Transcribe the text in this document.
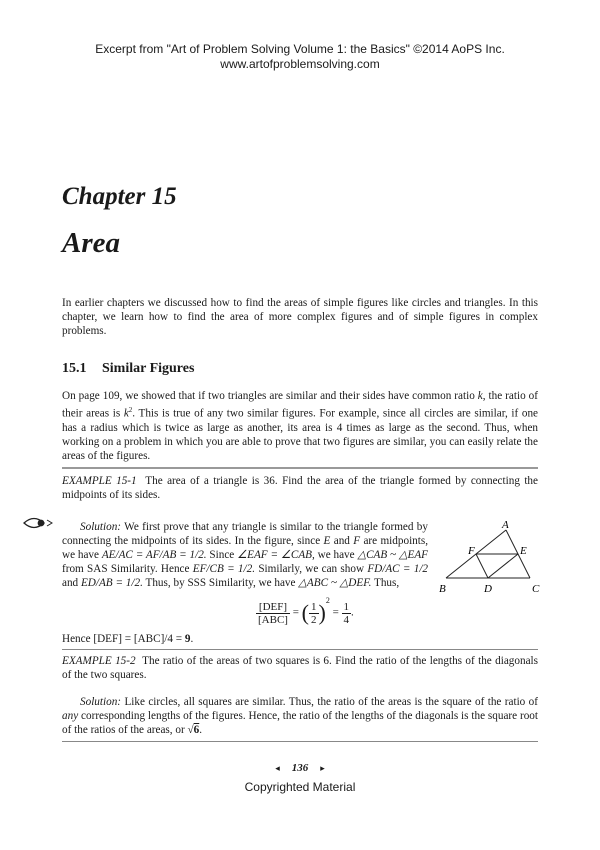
Excerpt from "Art of Problem Solving Volume 1: the Basics" ©2014 AoPS Inc.
www.artofproblemsolving.com
Chapter 15
Area
In earlier chapters we discussed how to find the areas of simple figures like circles and triangles. In this chapter, we learn how to find the area of more complex figures and of simple figures in complex problems.
15.1 Similar Figures
On page 109, we showed that if two triangles are similar and their sides have common ratio k, the ratio of their areas is $k^2$. This is true of any two similar figures. For example, since all circles are similar, if one has a radius which is twice as large as another, its area is 4 times as large as the second. Thus, when working on a problem in which you are able to prove that two figures are similar, you can easily relate the areas of the figures.
EXAMPLE 15-1 The area of a triangle is 36. Find the area of the triangle formed by connecting the midpoints of its sides.
Solution: We first prove that any triangle is similar to the triangle formed by connecting the midpoints of its sides. In the figure, since E and F are midpoints, we have AE/AC = AF/AB = 1/2. Since ∠EAF = ∠CAB, we have △CAB ~ △EAF from SAS Similarity. Hence EF/CB = 1/2. Similarly, we can show FD/AC = 1/2 and ED/AB = 1/2. Thus, by SSS Similarity, we have △ABC ~ △DEF. Thus,
A
F	E
B	D	C
$\frac{\text{[DEF]}}{\text{[ABC]}}$ = ( $\frac{1}{2} )^2 = \frac{1}{4}$ .
Hence [DEF] = [ABC]/4 = 9.
EXAMPLE 15-2 The ratio of the areas of two squares is 6. Find the ratio of the lengths of the diagonals of the two squares.
Solution: Like circles, all squares are similar. Thus, the ratio of the areas is the square of the ratio of any corresponding lengths of the figures. Hence, the ratio of the lengths of the diagonals is the square root of the ratios of the areas, or √6.
◂ 136 ▸
Copyrighted Material
